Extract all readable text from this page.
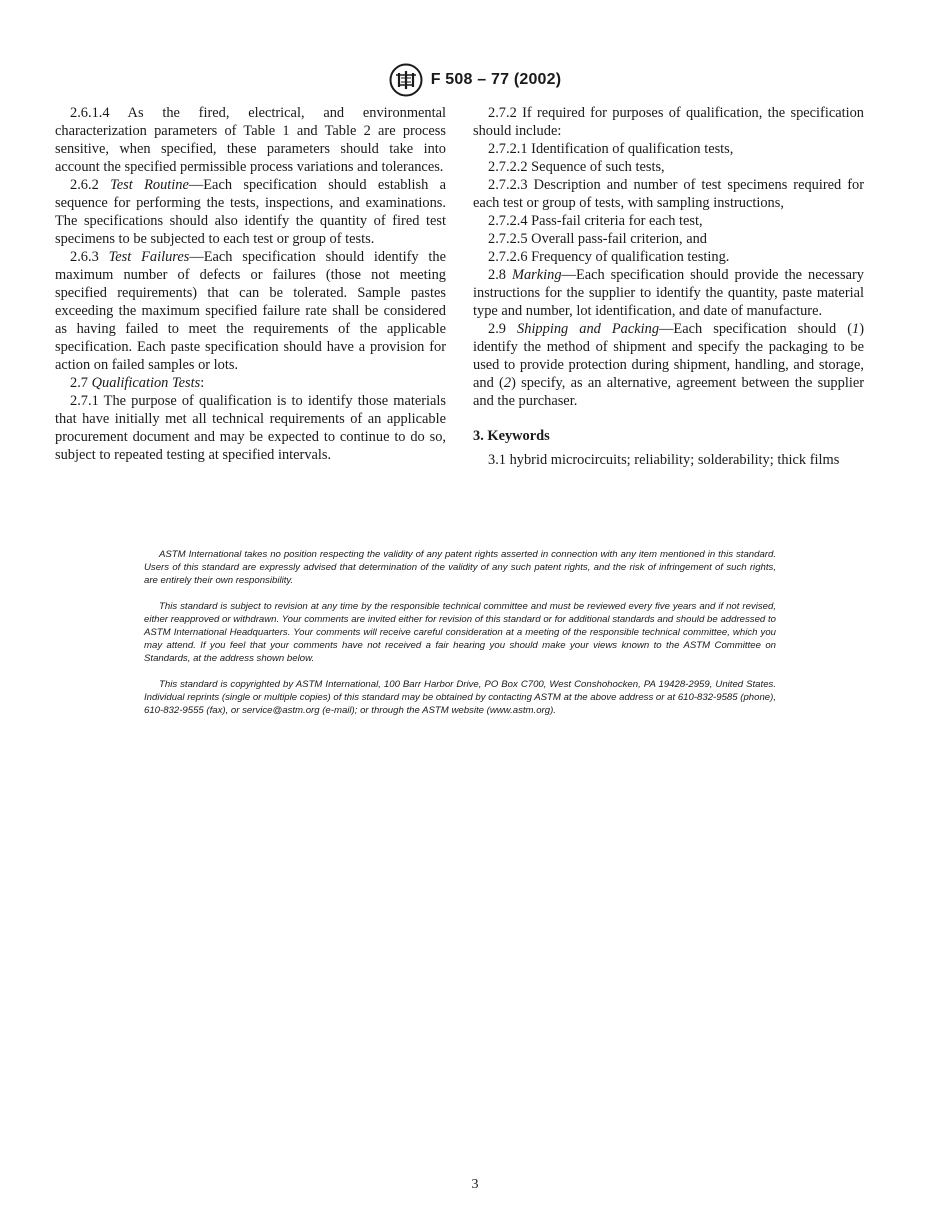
F 508 – 77 (2002)

2.6.1.4 As the fired, electrical, and environmental characterization parameters of Table 1 and Table 2 are process sensitive, when specified, these parameters should take into account the specified permissible process variations and tolerances.

2.6.2 Test Routine—Each specification should establish a sequence for performing the tests, inspections, and examinations. The specifications should also identify the quantity of fired test specimens to be subjected to each test or group of tests.

2.6.3 Test Failures—Each specification should identify the maximum number of defects or failures (those not meeting specified requirements) that can be tolerated. Sample pastes exceeding the maximum specified failure rate shall be considered as having failed to meet the requirements of the applicable specification. Each paste specification should have a provision for action on failed samples or lots.

2.7 Qualification Tests:

2.7.1 The purpose of qualification is to identify those materials that have initially met all technical requirements of an applicable procurement document and may be expected to continue to do so, subject to repeated testing at specified intervals.

2.7.2 If required for purposes of qualification, the specification should include:

2.7.2.1 Identification of qualification tests,

2.7.2.2 Sequence of such tests,

2.7.2.3 Description and number of test specimens required for each test or group of tests, with sampling instructions,

2.7.2.4 Pass-fail criteria for each test,

2.7.2.5 Overall pass-fail criterion, and

2.7.2.6 Frequency of qualification testing.

2.8 Marking—Each specification should provide the necessary instructions for the supplier to identify the quantity, paste material type and number, lot identification, and date of manufacture.

2.9 Shipping and Packing—Each specification should (1) identify the method of shipment and specify the packaging to be used to provide protection during shipment, handling, and storage, and (2) specify, as an alternative, agreement between the supplier and the purchaser.

3. Keywords

3.1 hybrid microcircuits; reliability; solderability; thick films

ASTM International takes no position respecting the validity of any patent rights asserted in connection with any item mentioned in this standard. Users of this standard are expressly advised that determination of the validity of any such patent rights, and the risk of infringement of such rights, are entirely their own responsibility.

This standard is subject to revision at any time by the responsible technical committee and must be reviewed every five years and if not revised, either reapproved or withdrawn. Your comments are invited either for revision of this standard or for additional standards and should be addressed to ASTM International Headquarters. Your comments will receive careful consideration at a meeting of the responsible technical committee, which you may attend. If you feel that your comments have not received a fair hearing you should make your views known to the ASTM Committee on Standards, at the address shown below.

This standard is copyrighted by ASTM International, 100 Barr Harbor Drive, PO Box C700, West Conshohocken, PA 19428-2959, United States. Individual reprints (single or multiple copies) of this standard may be obtained by contacting ASTM at the above address or at 610-832-9585 (phone), 610-832-9555 (fax), or service@astm.org (e-mail); or through the ASTM website (www.astm.org).

3
